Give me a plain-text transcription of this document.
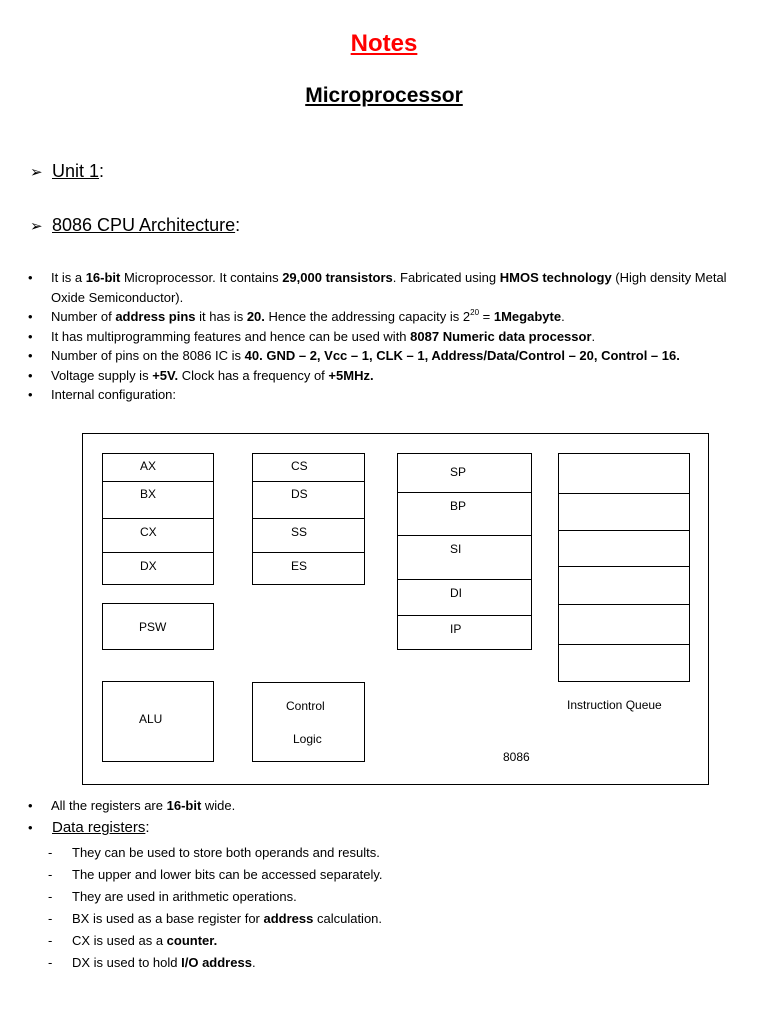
Notes
Microprocessor
➢ Unit 1:
➢ 8086 CPU Architecture:
• It is a 16-bit Microprocessor. It contains 29,000 transistors. Fabricated using HMOS technology (High density Metal Oxide Semiconductor).
• Number of address pins it has is 20. Hence the addressing capacity is $2^{20}$ = 1Megabyte.
• It has multiprogramming features and hence can be used with 8087 Numeric data processor.
• Number of pins on the 8086 IC is 40. GND – 2, Vcc – 1, CLK – 1, Address/Data/Control – 20, Control – 16.
• Voltage supply is +5V. Clock has a frequency of +5MHz.
• Internal configuration:
AX
BX
CX
DX
PSW
ALU
CS
DS
SS
ES
Control
Logic
SP
BP
SI
DI
IP
Instruction Queue
8086
• All the registers are 16-bit wide.
• Data registers:
- They can be used to store both operands and results.
- The upper and lower bits can be accessed separately.
- They are used in arithmetic operations.
- BX is used as a base register for address calculation.
- CX is used as a counter.
- DX is used to hold I/O address.
